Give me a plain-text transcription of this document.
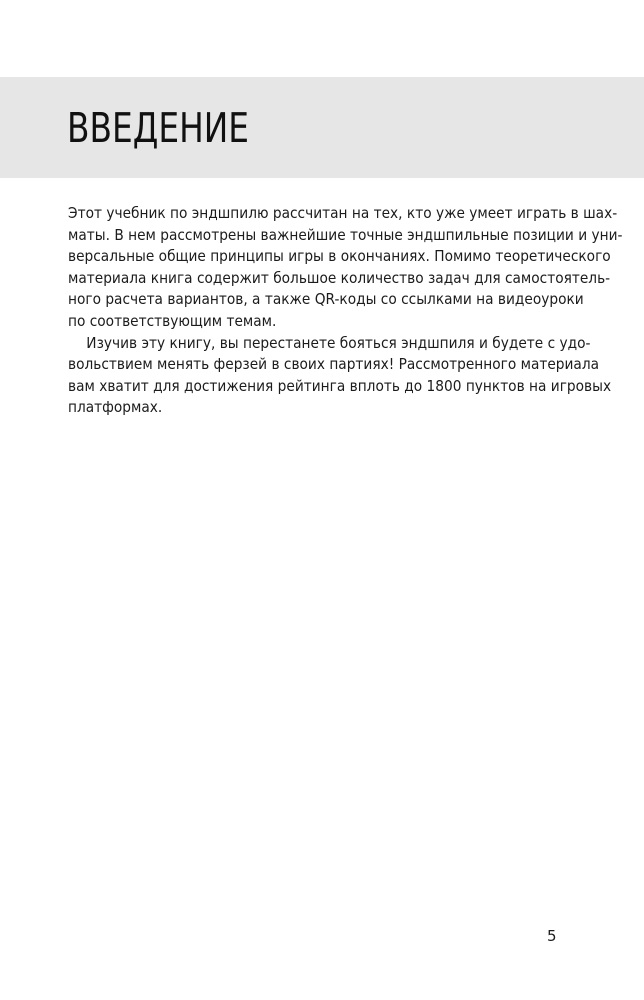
ВВЕДЕНИЕ
Этот учебник по эндшпилю рассчитан на тех, кто уже умеет играть в шах-
маты. В нем рассмотрены важнейшие точные эндшпильные позиции и уни-
версальные общие принципы игры в окончаниях. Помимо теоретического
материала книга содержит большое количество задач для самостоятель-
ного расчета вариантов, а также QR-коды со ссылками на видеоуроки
по соответствующим темам.
Изучив эту книгу, вы перестанете бояться эндшпиля и будете с удо-
вольствием менять ферзей в своих партиях! Рассмотренного материала
вам хватит для достижения рейтинга вплоть до 1800 пунктов на игровых
платформах.
5
